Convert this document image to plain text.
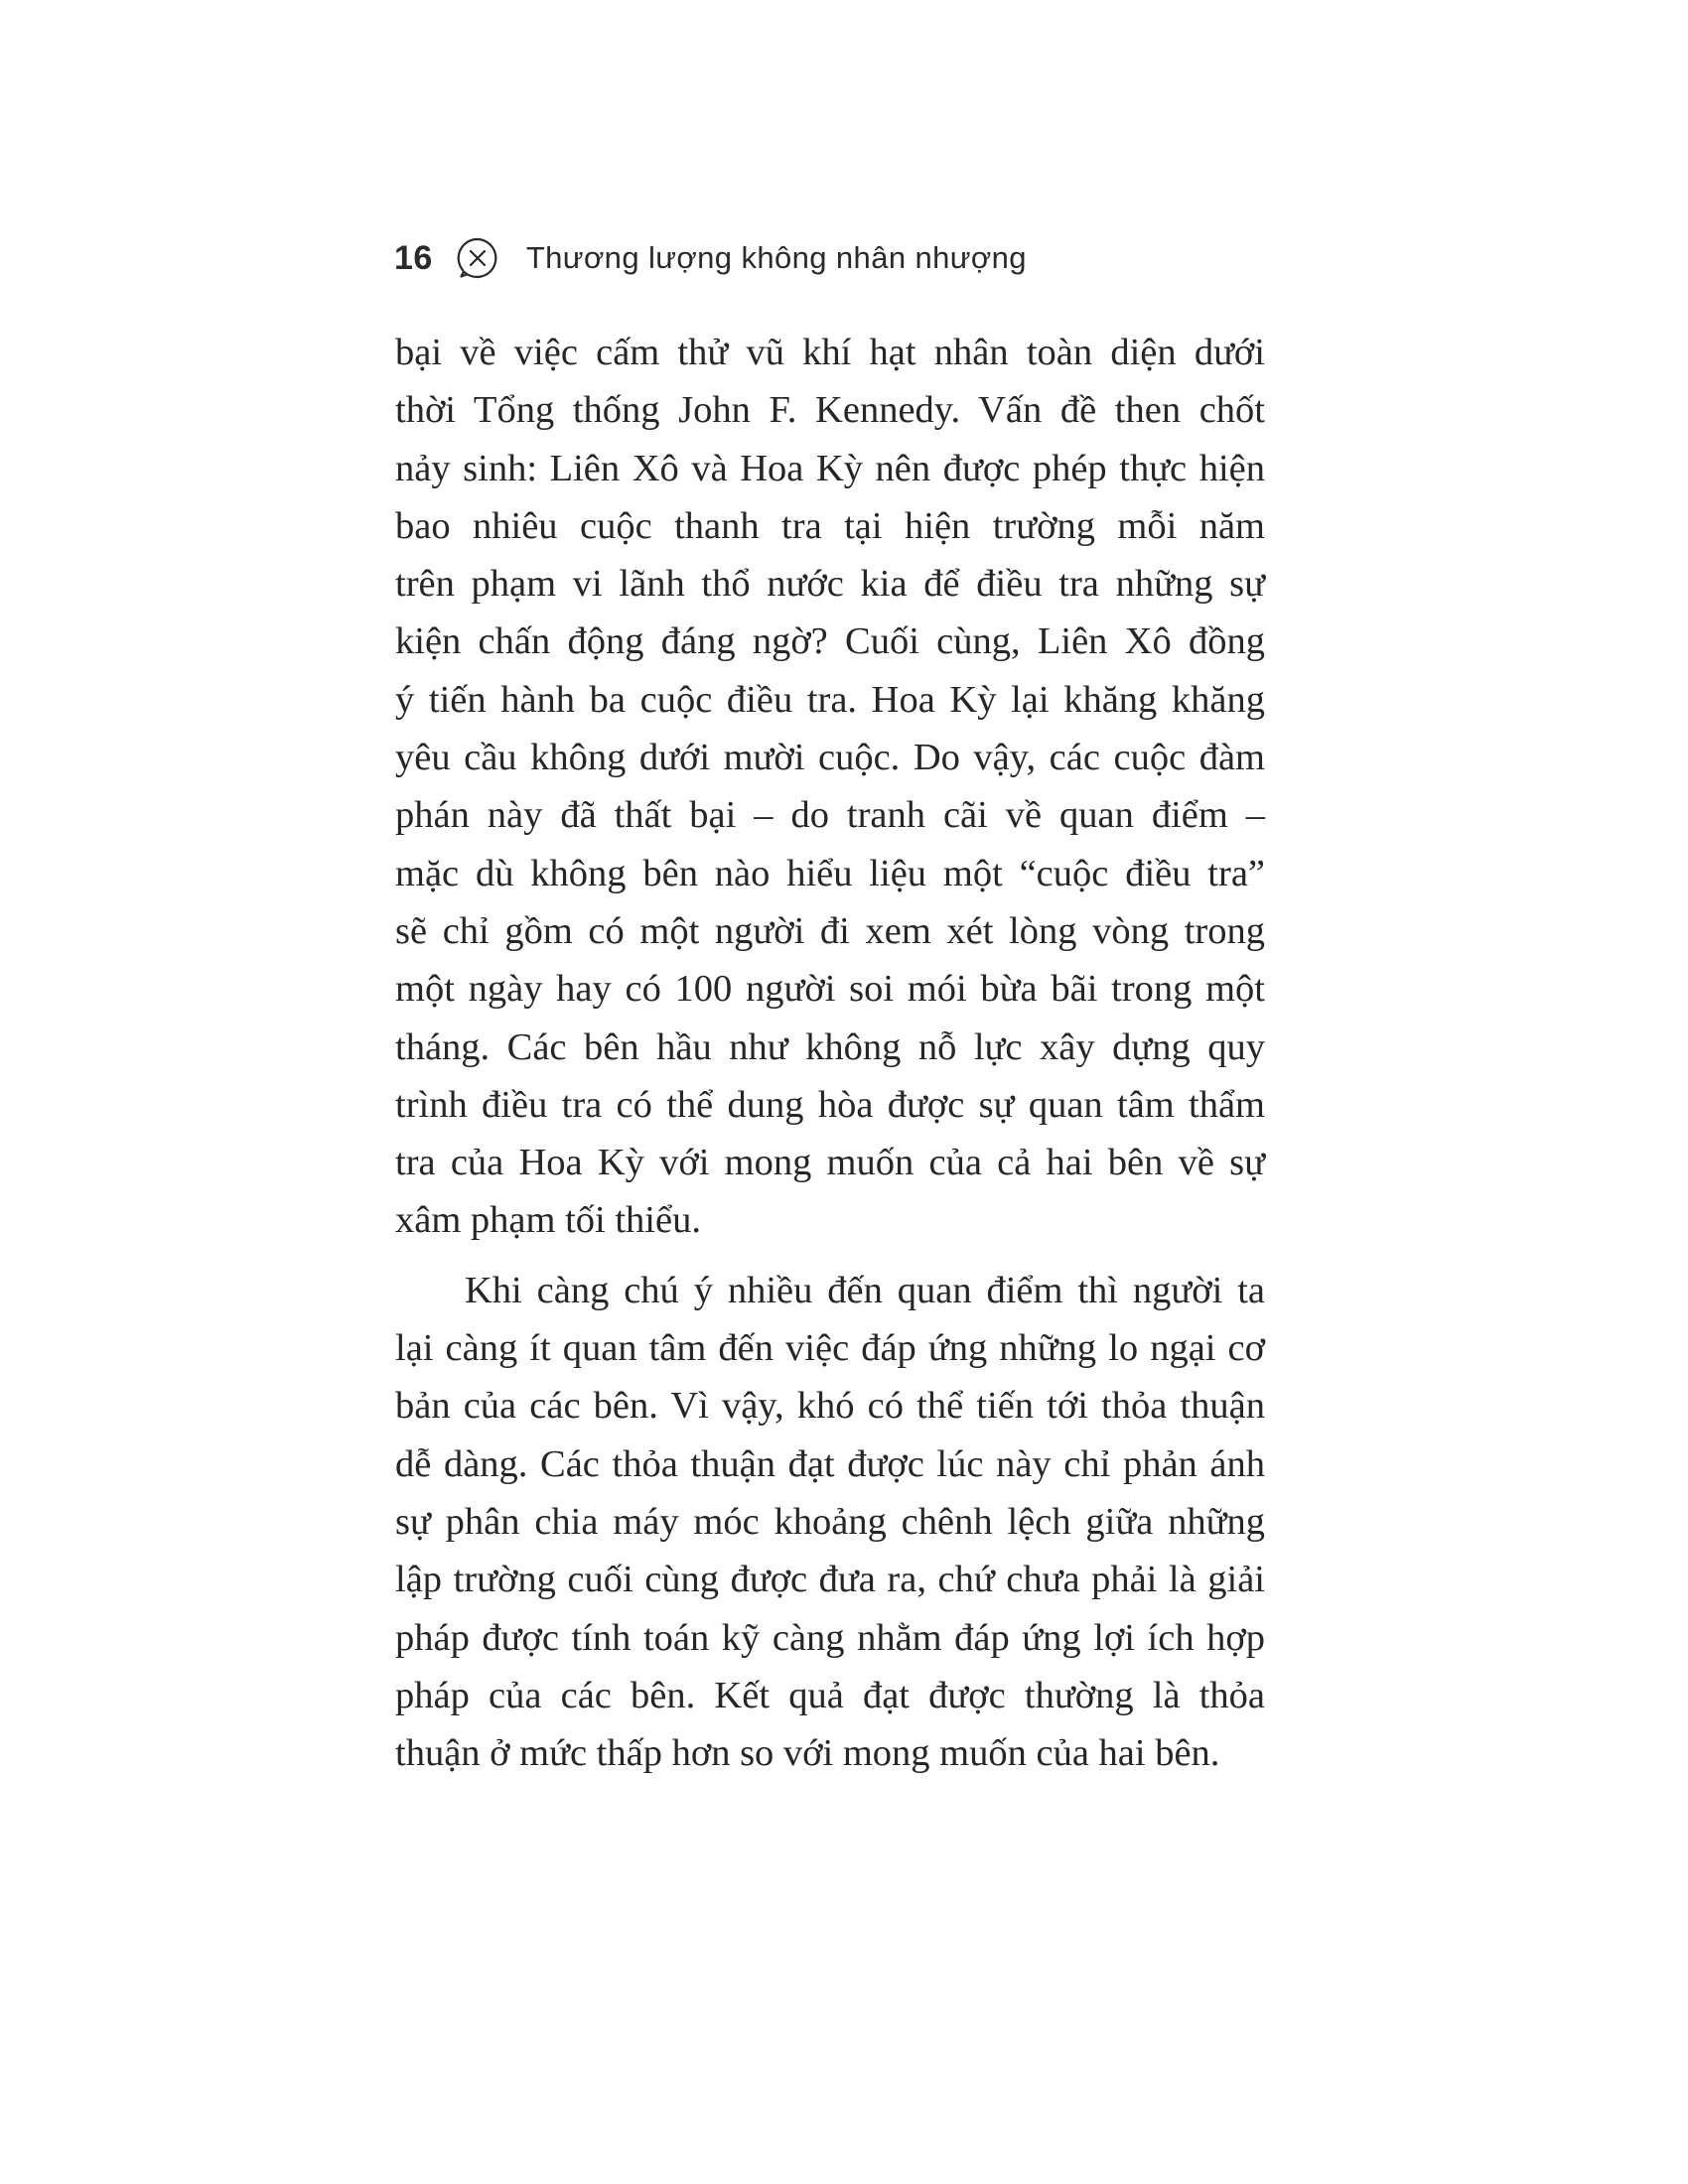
16	Thương lượng không nhân nhượng

bại về việc cấm thử vũ khí hạt nhân toàn diện dưới
thời Tổng thống John F. Kennedy. Vấn đề then chốt
nảy sinh: Liên Xô và Hoa Kỳ nên được phép thực hiện
bao nhiêu cuộc thanh tra tại hiện trường mỗi năm
trên phạm vi lãnh thổ nước kia để điều tra những sự
kiện chấn động đáng ngờ? Cuối cùng, Liên Xô đồng
ý tiến hành ba cuộc điều tra. Hoa Kỳ lại khăng khăng
yêu cầu không dưới mười cuộc. Do vậy, các cuộc đàm
phán này đã thất bại – do tranh cãi về quan điểm –
mặc dù không bên nào hiểu liệu một “cuộc điều tra”
sẽ chỉ gồm có một người đi xem xét lòng vòng trong
một ngày hay có 100 người soi mói bừa bãi trong một
tháng. Các bên hầu như không nỗ lực xây dựng quy
trình điều tra có thể dung hòa được sự quan tâm thẩm
tra của Hoa Kỳ với mong muốn của cả hai bên về sự
xâm phạm tối thiểu.

Khi càng chú ý nhiều đến quan điểm thì người ta
lại càng ít quan tâm đến việc đáp ứng những lo ngại cơ
bản của các bên. Vì vậy, khó có thể tiến tới thỏa thuận
dễ dàng. Các thỏa thuận đạt được lúc này chỉ phản ánh
sự phân chia máy móc khoảng chênh lệch giữa những
lập trường cuối cùng được đưa ra, chứ chưa phải là giải
pháp được tính toán kỹ càng nhằm đáp ứng lợi ích hợp
pháp của các bên. Kết quả đạt được thường là thỏa
thuận ở mức thấp hơn so với mong muốn của hai bên.
